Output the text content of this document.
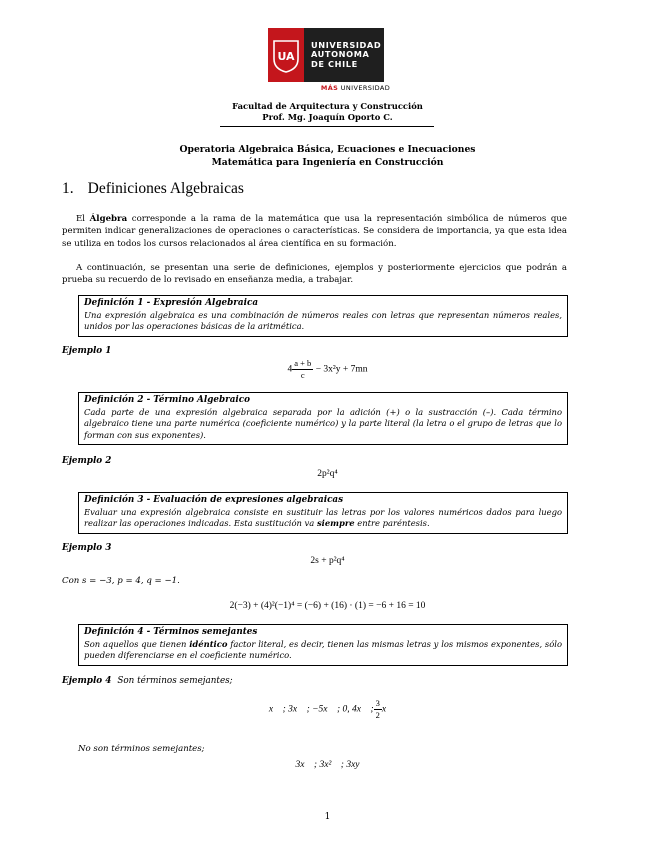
UA
UNIVERSIDAD
AUTONOMA
DE CHILE
MÁS UNIVERSIDAD
Facultad de Arquitectura y Construcción
Prof. Mg. Joaquín Oporto C.
Operatoria Algebraica Básica, Ecuaciones e Inecuaciones
Matemática para Ingeniería en Construcción
1. Definiciones Algebraicas
El Álgebra corresponde a la rama de la matemática que usa la representación simbólica de números que permiten indicar generalizaciones de operaciones o características. Se considera de importancia, ya que esta idea se utiliza en todos los cursos relacionados al área científica en su formación.
A continuación, se presentan una serie de definiciones, ejemplos y posteriormente ejercicios que podrán a prueba su recuerdo de lo revisado en enseñanza media, a trabajar.
Definición 1 - Expresión Algebraica
Una expresión algebraica es una combinación de números reales con letras que representan números reales, unidos por las operaciones básicas de la aritmética.
Ejemplo 1
$4 \frac{a + b}{c} - 3x^2y + 7mn$
Definición 2 - Término Algebraico
Cada parte de una expresión algebraica separada por la adición (+) o la sustracción (–). Cada término algebraico tiene una parte numérica (coeficiente numérico) y la parte literal (la letra o el grupo de letras que lo forman con sus exponentes).
Ejemplo 2
2p²q⁴
Definición 3 - Evaluación de expresiones algebraicas
Evaluar una expresión algebraica consiste en sustituir las letras por los valores numéricos dados para luego realizar las operaciones indicadas. Esta sustitución va siempre entre paréntesis.
Ejemplo 3
2s + p²q⁴
Con s = −3, p = 4, q = −1.
2(−3) + (4)²(−1)⁴ = (−6) + (16) · (1) = −6 + 16 = 10
Definición 4 - Términos semejantes
Son aquellos que tienen idéntico factor literal, es decir, tienen las mismas letras y los mismos exponentes, sólo pueden diferenciarse en el coeficiente numérico.
Ejemplo 4 Son términos semejantes;
x    ; 3x    ; −5x    ; 0, 4x    ; $\frac{3}{2}$ x
No son términos semejantes;
3x    ; 3x²    ; 3xy
1
